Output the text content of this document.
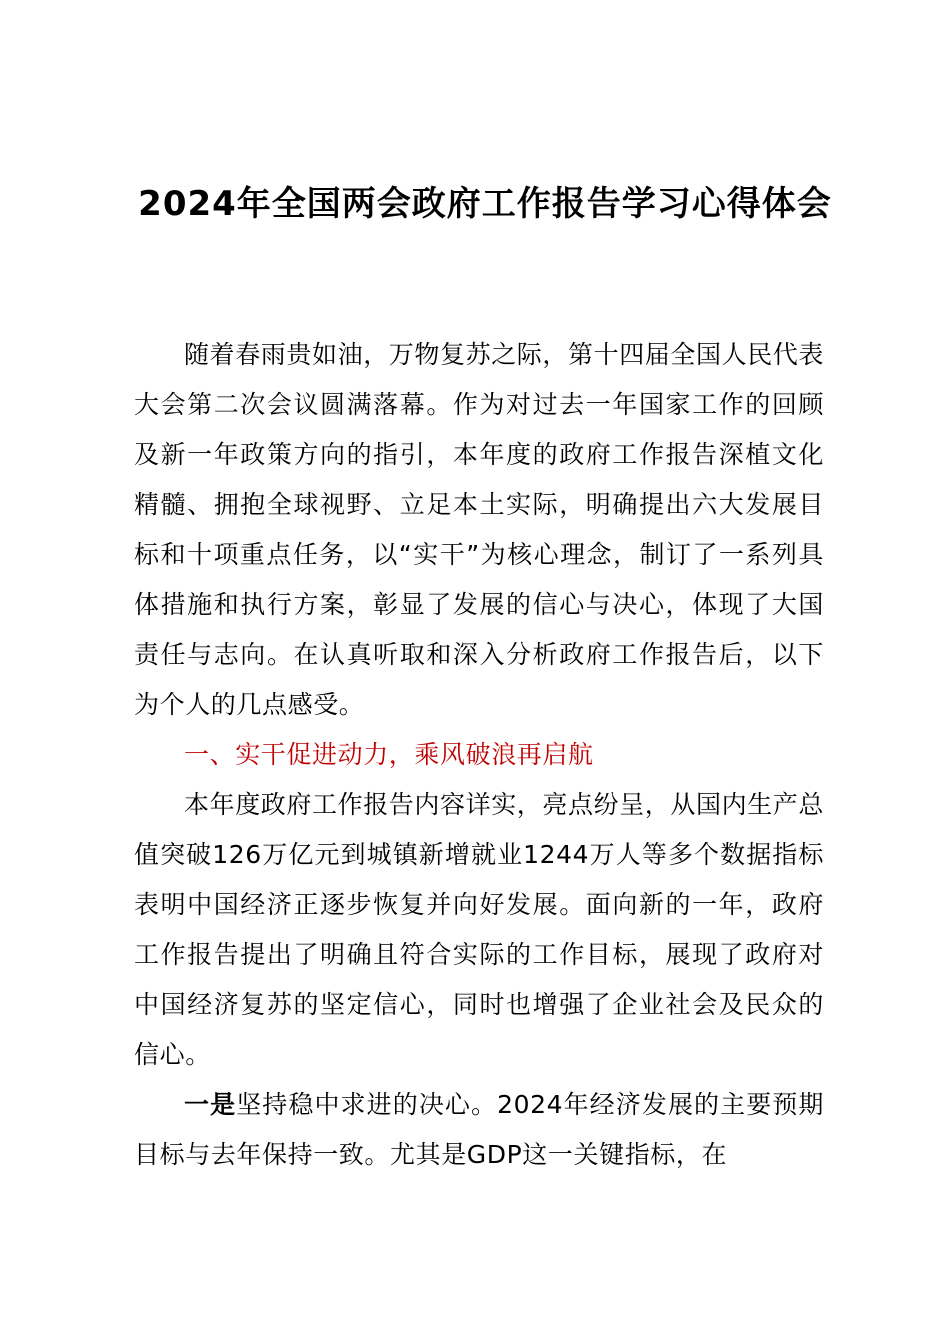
2024年全国两会政府工作报告学习心得体会
随着春雨贵如油，万物复苏之际，第十四届全国人民代表大会第二次会议圆满落幕。作为对过去一年国家工作的回顾及新一年政策方向的指引，本年度的政府工作报告深植文化精髓、拥抱全球视野、立足本土实际，明确提出六大发展目标和十项重点任务，以“实干”为核心理念，制订了一系列具体措施和执行方案，彰显了发展的信心与决心，体现了大国责任与志向。在认真听取和深入分析政府工作报告后，以下为个人的几点感受。
一、实干促进动力，乘风破浪再启航
本年度政府工作报告内容详实，亮点纷呈，从国内生产总值突破126万亿元到城镇新增就业1244万人等多个数据指标表明中国经济正逐步恢复并向好发展。面向新的一年，政府工作报告提出了明确且符合实际的工作目标，展现了政府对中国经济复苏的坚定信心，同时也增强了企业社会及民众的信心。
一是坚持稳中求进的决心。2024年经济发展的主要预期目标与去年保持一致。尤其是GDP这一关键指标，在
